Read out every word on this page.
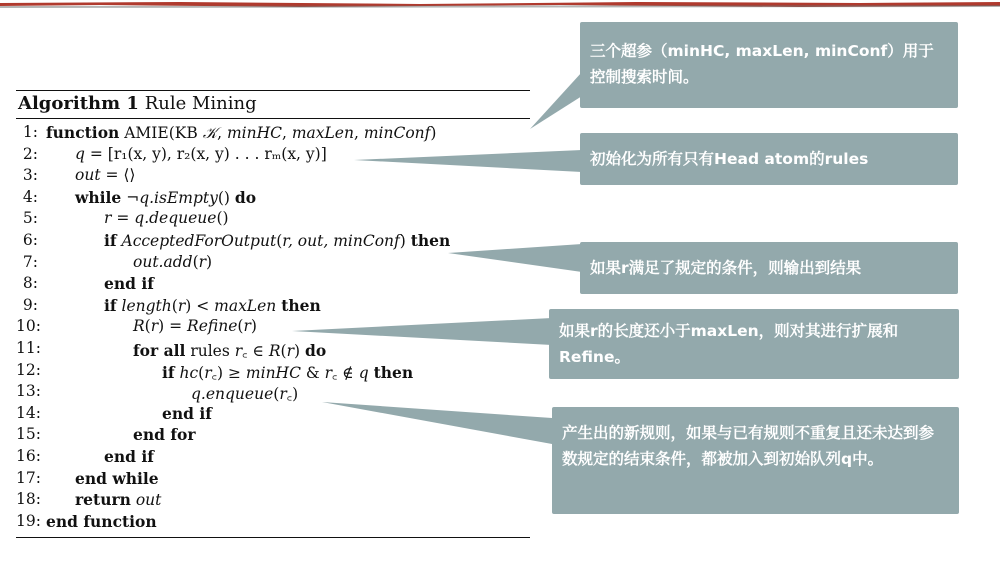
Algorithm 1 Rule Mining
1: function AMIE(KB 𝒦, minHC, maxLen, minConf)
2: q = [r₁(x, y), r₂(x, y) . . . rₘ(x, y)]
3: out = ⟨⟩
4: while ¬q.isEmpty() do
5:	r = q.dequeue()
6:	if AcceptedForOutput(r, out, minConf) then
7:	out.add(r)
8:	end if
9:	if length(r) < maxLen then
10:	R(r) = Refine(r)
11:	for all rules r꜀ ∈ R(r) do
12:	if hc(r꜀) ≥ minHC & r꜀ ∉ q then
13:	q.enqueue(r꜀)
14:	end if
15:	end for
16:	end if
17: end while
18: return out
19: end function
三个超参（minHC, maxLen, minConf）用于控制搜索时间。
初始化为所有只有Head atom的rules
如果r满足了规定的条件，则输出到结果
如果r的长度还小于maxLen，则对其进行扩展和Refine。
产生出的新规则，如果与已有规则不重复且还未达到参数规定的结束条件，都被加入到初始队列q中。
